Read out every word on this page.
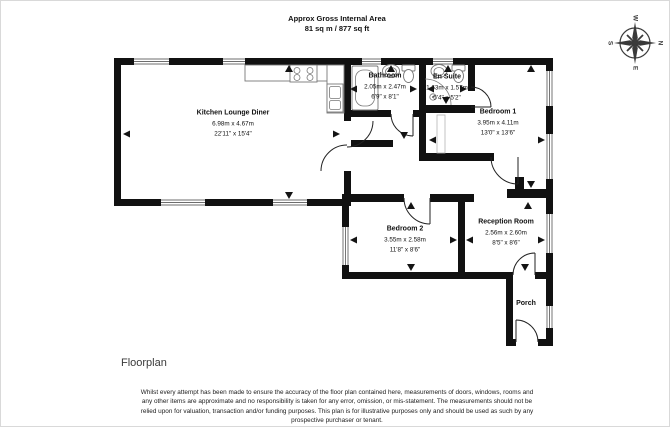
N
E
S
W
Approx Gross Internal Area
81 sq m / 877 sq ft
Kitchen Lounge Diner
6.98m x 4.67m
22'11" x 15'4"
Bathroom
2.05m x 2.47m
6'9" x 8'1"
En Suite
1.63m x 1.57m
5'4" x 5'2"
Bedroom 1
3.95m x 4.11m
13'0" x 13'6"
Bedroom 2
3.55m x 2.58m
11'8" x 8'6"
Reception Room
2.56m x 2.60m
8'5" x 8'6"
Porch
Floorplan
Whilst every attempt has been made to ensure the accuracy of the floor plan contained here, measurements of doors, windows, rooms and
any other items are approximate and no responsibility is taken for any error, omission, or mis-statement. The measurements should not be
relied upon for valuation, transaction and/or funding purposes. This plan is for illustrative purposes only and should be used as such by any
prospective purchaser or tenant.
